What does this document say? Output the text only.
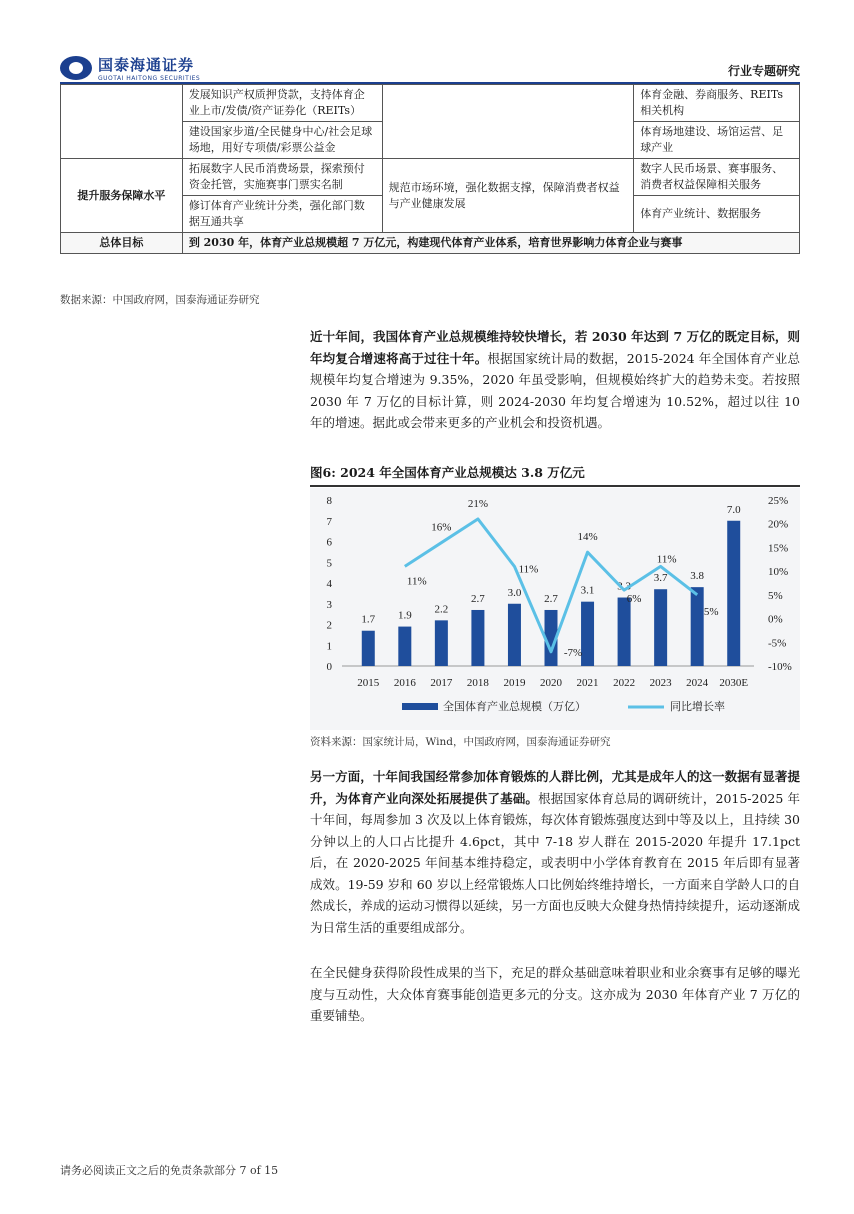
国泰海通证券
GUOTAI HAITONG SECURITIES
行业专题研究
	发展知识产权质押贷款，支持体育企业上市/发债/资产证券化（REITs）		体育金融、券商服务、REITs相关机构
	建设国家步道/全民健身中心/社会足球场地，用好专项债/彩票公益金		体育场地建设、场馆运营、足球产业
提升服务保障水平	拓展数字人民币消费场景，探索预付资金托管，实施赛事门票实名制	规范市场环境，强化数据支撑，保障消费者权益与产业健康发展	数字人民币场景、赛事服务、消费者权益保障相关服务
	修订体育产业统计分类，强化部门数据互通共享		体育产业统计、数据服务
总体目标	到 2030 年，体育产业总规模超 7 万亿元，构建现代体育产业体系，培育世界影响力体育企业与赛事		
数据来源：中国政府网，国泰海通证券研究
近十年间，我国体育产业总规模维持较快增长，若 2030 年达到 7 万亿的既定目标，则年均复合增速将高于过往十年。根据国家统计局的数据，2015-2024 年全国体育产业总规模年均复合增速为 9.35%，2020 年虽受影响，但规模始终扩大的趋势未变。若按照 2030 年 7 万亿的目标计算，则 2024-2030 年均复合增速为 10.52%，超过以往 10 年的增速。据此或会带来更多的产业机会和投资机遇。
图6: 2024 年全国体育产业总规模达 3.8 万亿元
0
1
2
3
4
5
6
7
8
-10%
-5%
0%
5%
10%
15%
20%
25%
1.7
2015
1.9
2016
2.2
2017
2.7
2018
3.0
2019
2.7
2020
3.1
2021
3.3
2022
3.7
2023
3.8
2024
7.0
2030E
11%
16%
21%
11%
-7%
14%
6%
11%
5%
全国体育产业总规模（万亿）	同比增长率
资料来源：国家统计局，Wind，中国政府网，国泰海通证券研究
另一方面，十年间我国经常参加体育锻炼的人群比例，尤其是成年人的这一数据有显著提升，为体育产业向深处拓展提供了基础。根据国家体育总局的调研统计，2015-2025 年十年间，每周参加 3 次及以上体育锻炼，每次体育锻炼强度达到中等及以上，且持续 30 分钟以上的人口占比提升 4.6pct，其中 7-18 岁人群在 2015-2020 年提升 17.1pct 后，在 2020-2025 年间基本维持稳定，或表明中小学体育教育在 2015 年后即有显著成效。19-59 岁和 60 岁以上经常锻炼人口比例始终维持增长，一方面来自学龄人口的自然成长，养成的运动习惯得以延续，另一方面也反映大众健身热情持续提升，运动逐渐成为日常生活的重要组成部分。
在全民健身获得阶段性成果的当下，充足的群众基础意味着职业和业余赛事有足够的曝光度与互动性，大众体育赛事能创造更多元的分支。这亦成为 2030 年体育产业 7 万亿的重要铺垫。
请务必阅读正文之后的免责条款部分 7 of 15
